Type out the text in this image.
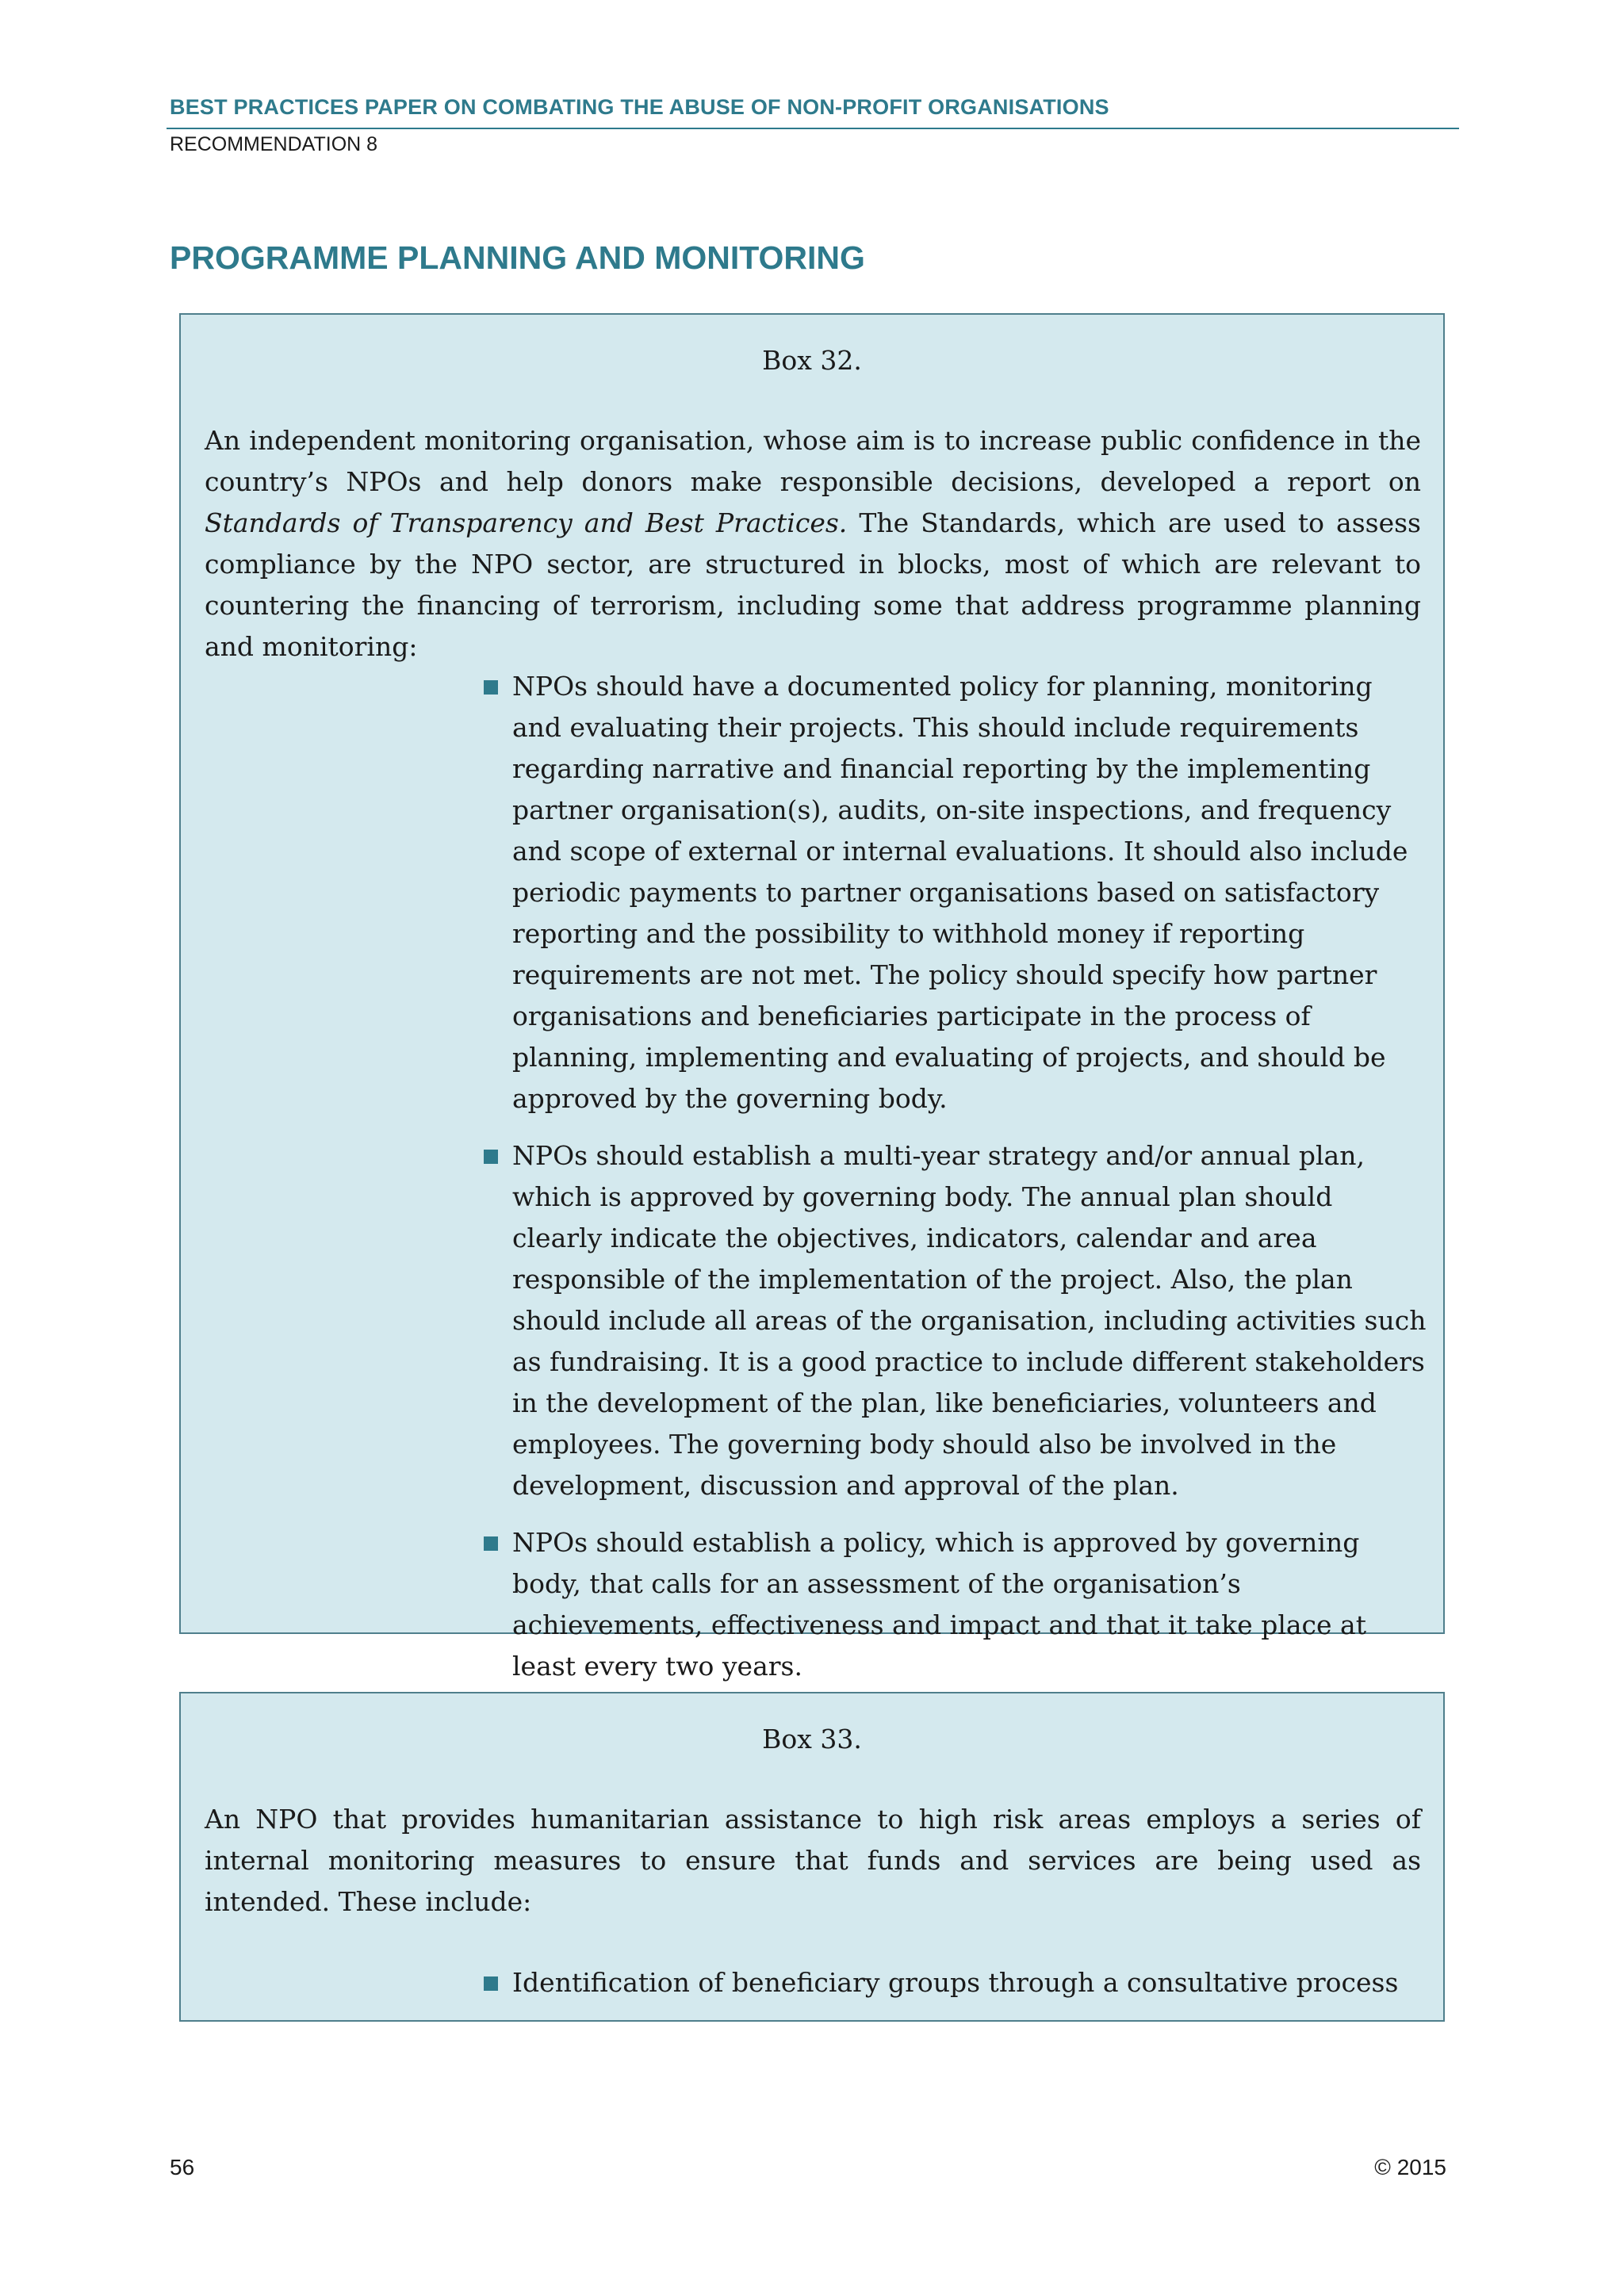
BEST PRACTICES PAPER ON COMBATING THE ABUSE OF NON-PROFIT ORGANISATIONS
RECOMMENDATION 8
PROGRAMME PLANNING AND MONITORING
Box 32.

An independent monitoring organisation, whose aim is to increase public confidence in the country’s NPOs and help donors make responsible decisions, developed a report on Standards of Transparency and Best Practices. The Standards, which are used to assess compliance by the NPO sector, are structured in blocks, most of which are relevant to countering the financing of terrorism, including some that address programme planning and monitoring:

NPOs should have a documented policy for planning, monitoring and evaluating their projects. This should include requirements regarding narrative and financial reporting by the implementing partner organisation(s), audits, on-site inspections, and frequency and scope of external or internal evaluations. It should also include periodic payments to partner organisations based on satisfactory reporting and the possibility to withhold money if reporting requirements are not met. The policy should specify how partner organisations and beneficiaries participate in the process of planning, implementing and evaluating of projects, and should be approved by the governing body.
NPOs should establish a multi-year strategy and/or annual plan, which is approved by governing body. The annual plan should clearly indicate the objectives, indicators, calendar and area responsible of the implementation of the project. Also, the plan should include all areas of the organisation, including activities such as fundraising. It is a good practice to include different stakeholders in the development of the plan, like beneficiaries, volunteers and employees. The governing body should also be involved in the development, discussion and approval of the plan.
NPOs should establish a policy, which is approved by governing body, that calls for an assessment of the organisation’s achievements, effectiveness and impact and that it take place at least every two years.
Box 33.

An NPO that provides humanitarian assistance to high risk areas employs a series of internal monitoring measures to ensure that funds and services are being used as intended. These include:

Identification of beneficiary groups through a consultative process
56	© 2015
